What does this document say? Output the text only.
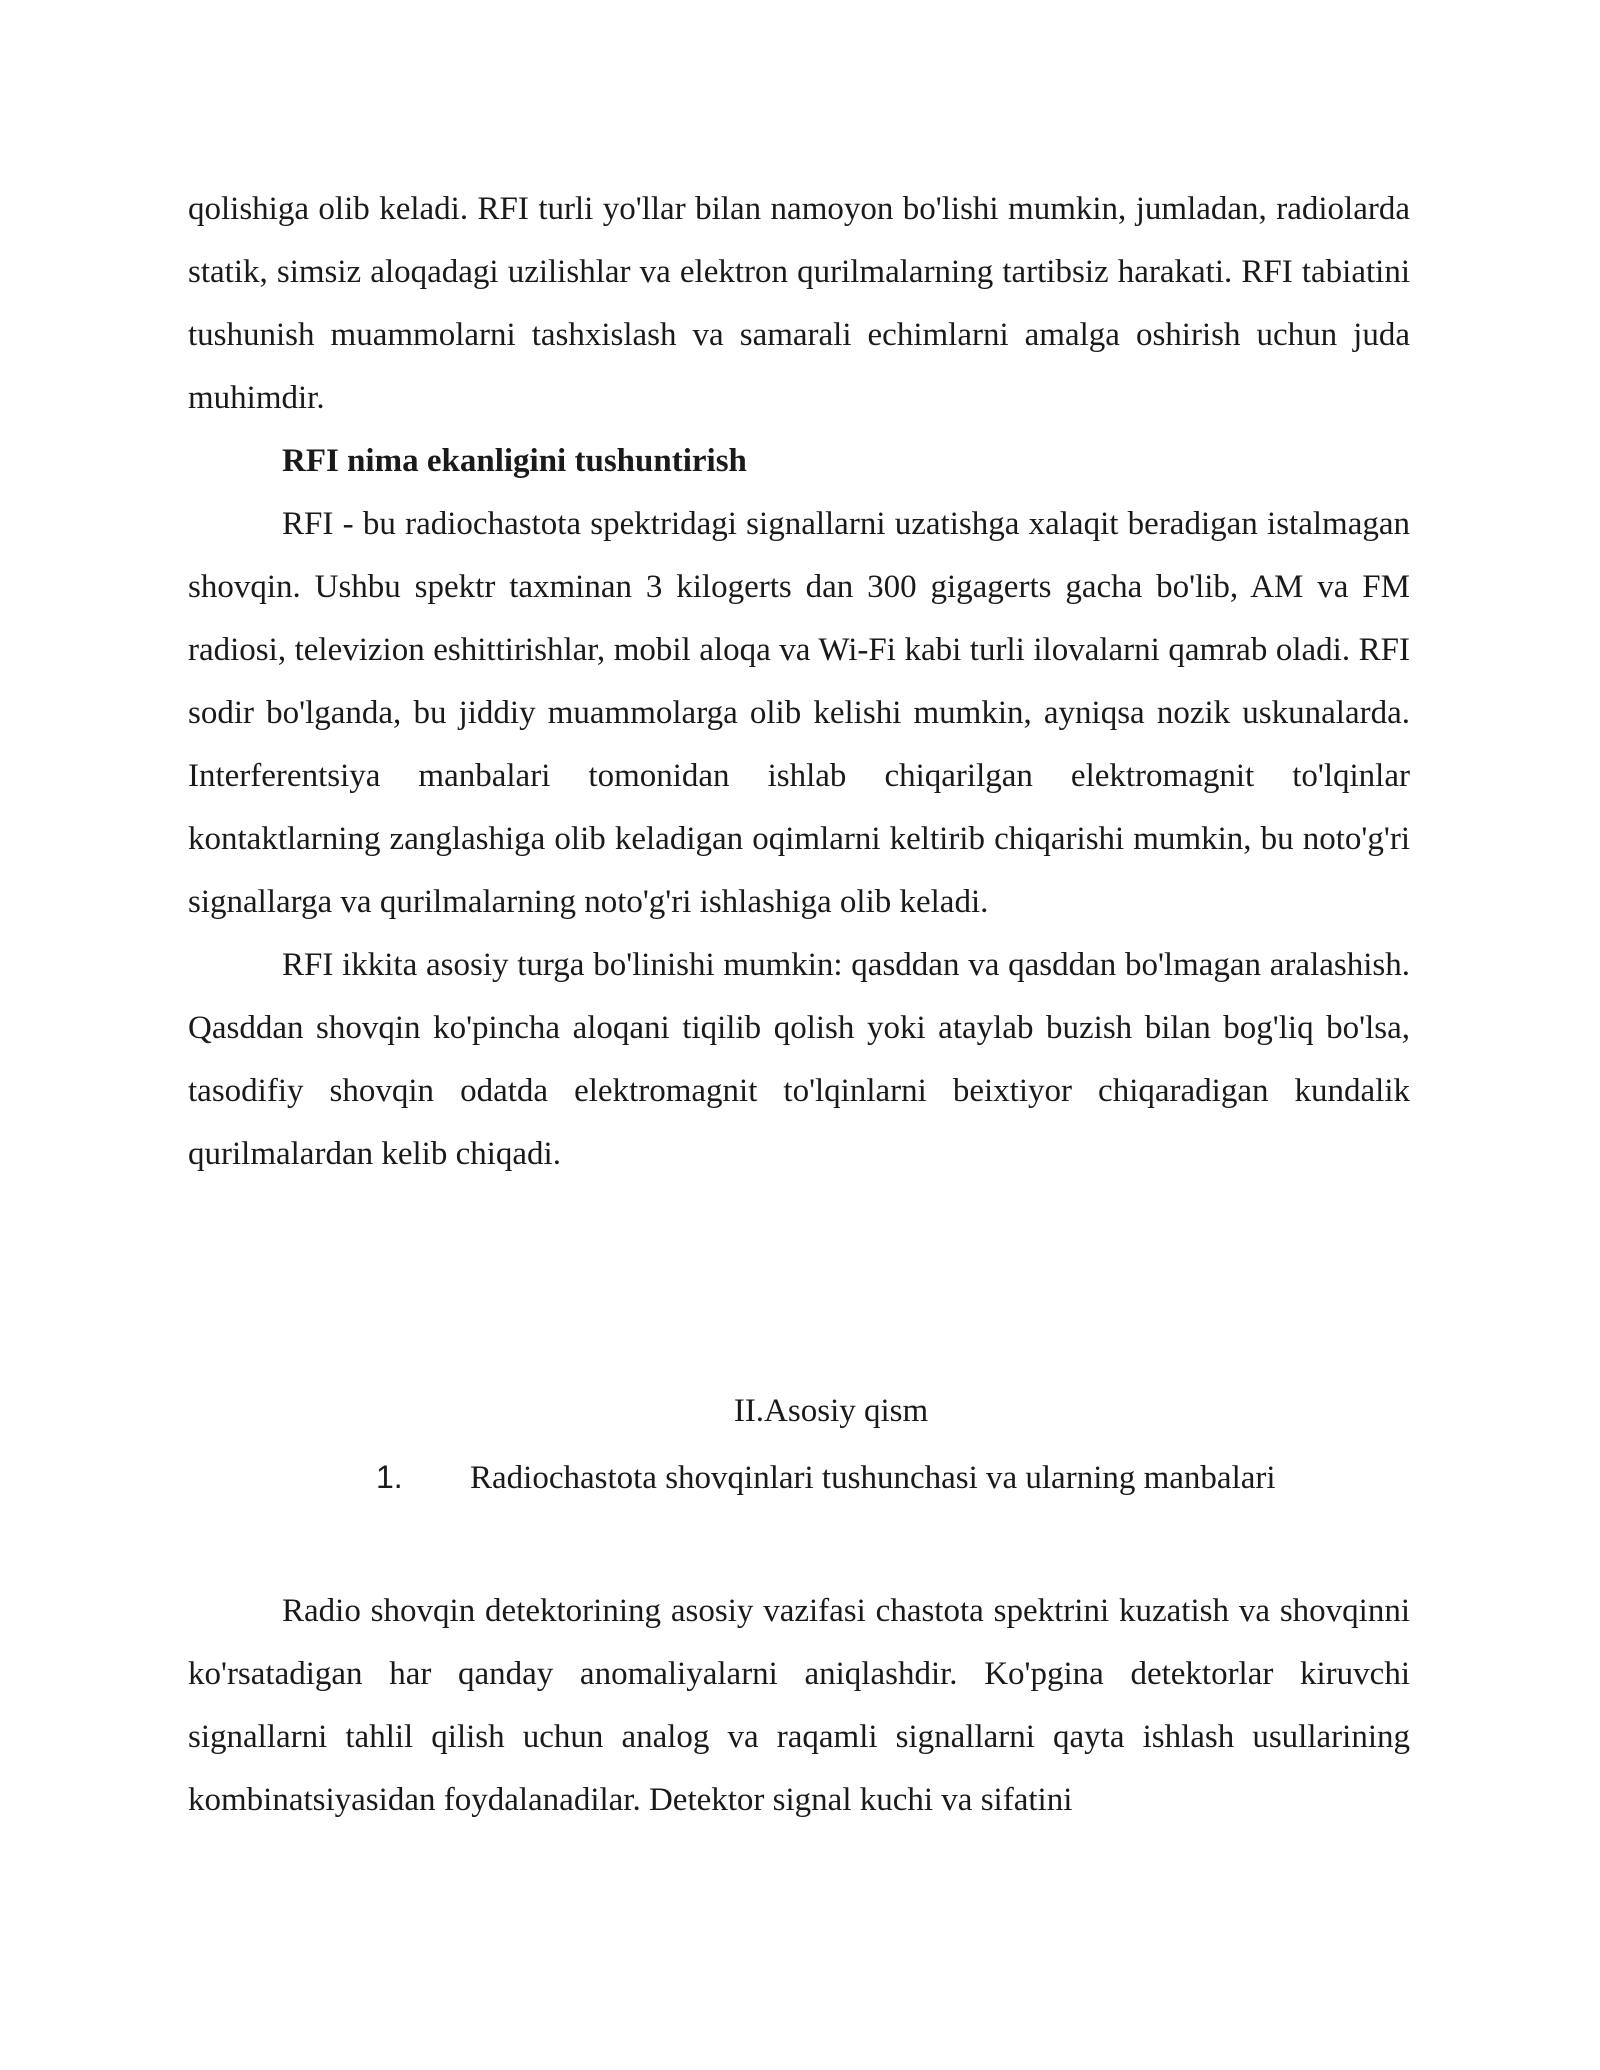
qolishiga olib keladi. RFI turli yo'llar bilan namoyon bo'lishi mumkin, jumladan, radiolarda statik, simsiz aloqadagi uzilishlar va elektron qurilmalarning tartibsiz harakati. RFI tabiatini tushunish muammolarni tashxislash va samarali echimlarni amalga oshirish uchun juda muhimdir.

RFI nima ekanligini tushuntirish

RFI - bu radiochastota spektridagi signallarni uzatishga xalaqit beradigan istalmagan shovqin. Ushbu spektr taxminan 3 kilogerts dan 300 gigagerts gacha bo'lib, AM va FM radiosi, televizion eshittirishlar, mobil aloqa va Wi-Fi kabi turli ilovalarni qamrab oladi. RFI sodir bo'lganda, bu jiddiy muammolarga olib kelishi mumkin, ayniqsa nozik uskunalarda. Interferentsiya manbalari tomonidan ishlab chiqarilgan elektromagnit to'lqinlar kontaktlarning zanglashiga olib keladigan oqimlarni keltirib chiqarishi mumkin, bu noto'g'ri signallarga va qurilmalarning noto'g'ri ishlashiga olib keladi.

RFI ikkita asosiy turga bo'linishi mumkin: qasddan va qasddan bo'lmagan aralashish. Qasddan shovqin ko'pincha aloqani tiqilib qolish yoki ataylab buzish bilan bog'liq bo'lsa, tasodifiy shovqin odatda elektromagnit to'lqinlarni beixtiyor chiqaradigan kundalik qurilmalardan kelib chiqadi.

II.Asosiy qism
1. Radiochastota shovqinlari tushunchasi va ularning manbalari

Radio shovqin detektorining asosiy vazifasi chastota spektrini kuzatish va shovqinni ko'rsatadigan har qanday anomaliyalarni aniqlashdir. Ko'pgina detektorlar kiruvchi signallarni tahlil qilish uchun analog va raqamli signallarni qayta ishlash usullarining kombinatsiyasidan foydalanadilar. Detektor signal kuchi va sifatini
